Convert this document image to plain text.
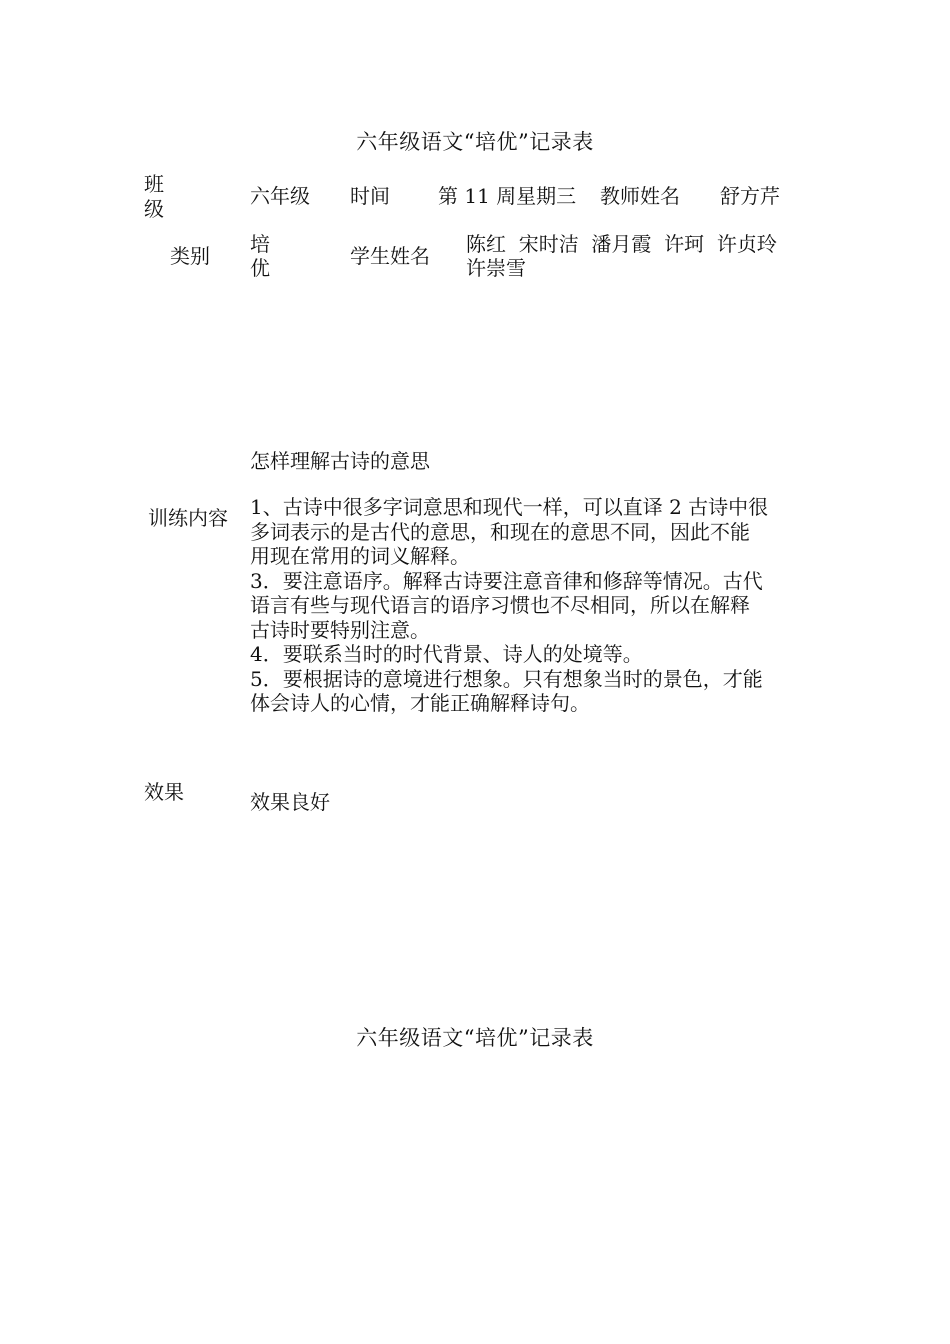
六年级语文“培优”记录表
班
级
六年级 时间 第 11 周星期三 教师姓名 舒方芹
类别 培
优	学生姓名 陈红  宋时洁  潘月霞  许珂  许贞玲
许崇雪
怎样理解古诗的意思
训练内容 1、古诗中很多字词意思和现代一样，可以直译 2 古诗中很
多词表示的是古代的意思，和现在的意思不同，因此不能
用现在常用的词义解释。
3．要注意语序。解释古诗要注意音律和修辞等情况。古代
语言有些与现代语言的语序习惯也不尽相同，所以在解释
古诗时要特别注意。
4．要联系当时的时代背景、诗人的处境等。
5．要根据诗的意境进行想象。只有想象当时的景色，才能
体会诗人的心情，才能正确解释诗句。
效果	效果良好
六年级语文“培优”记录表
